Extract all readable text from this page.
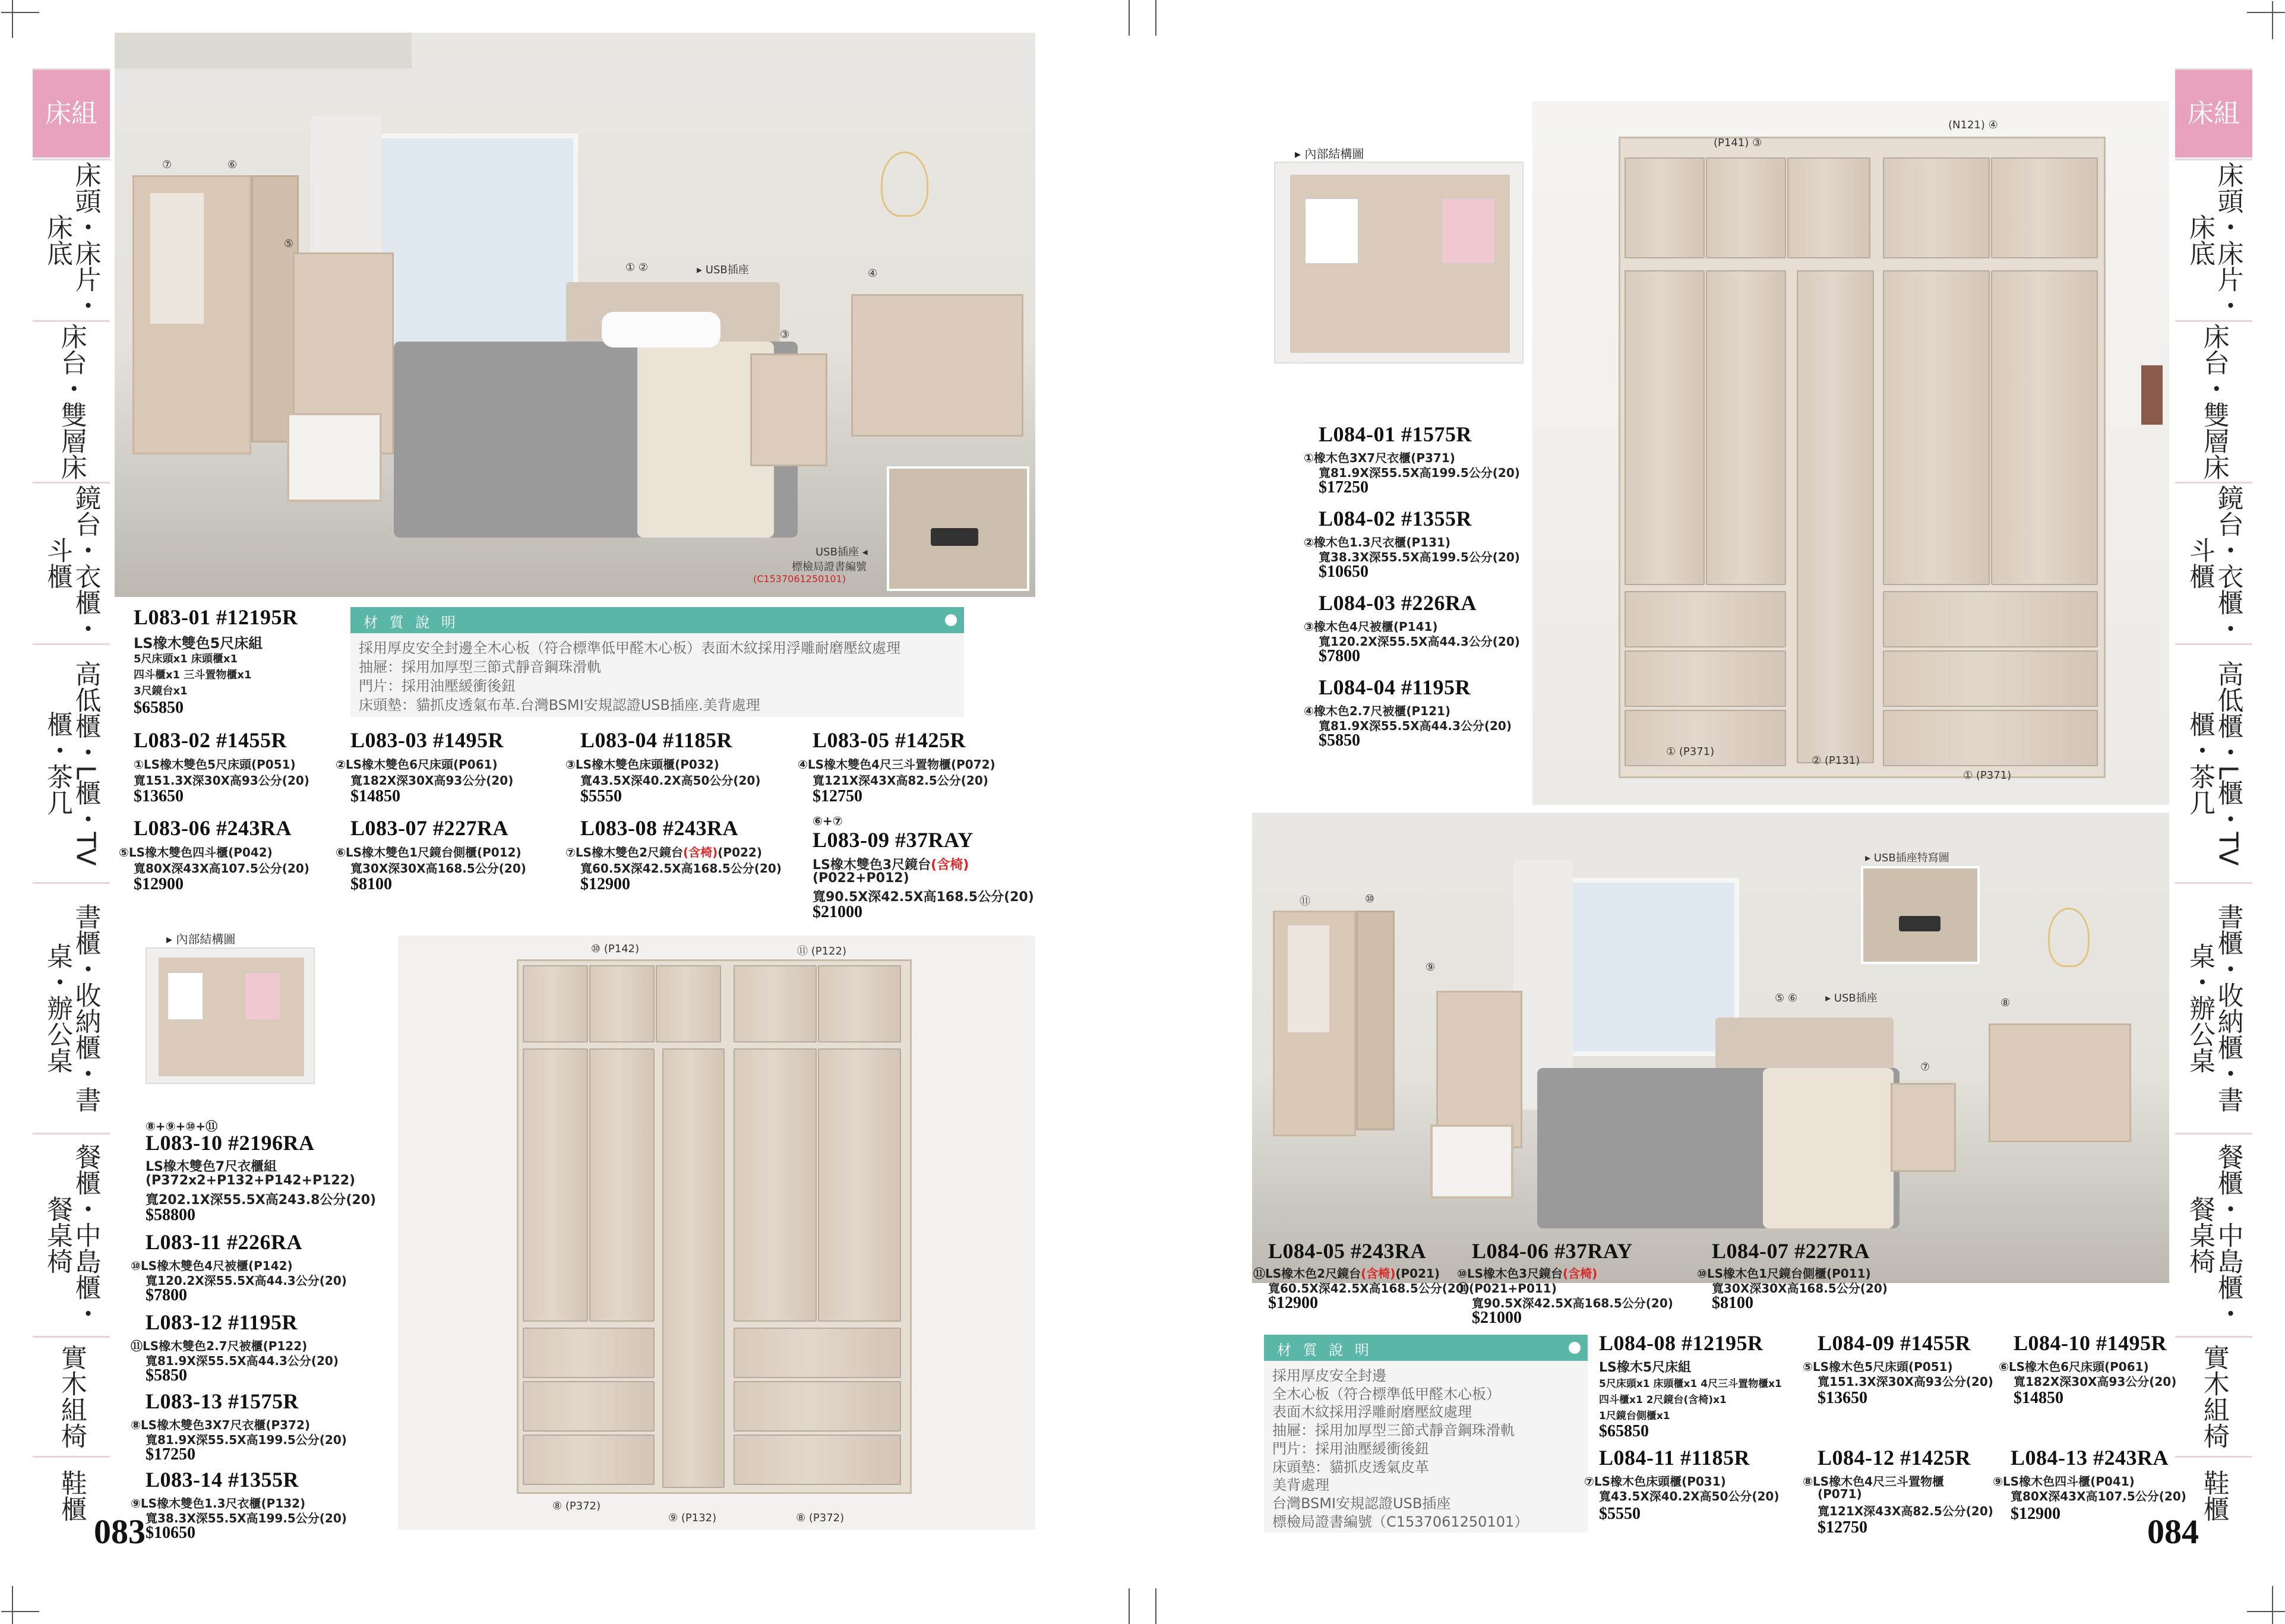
床組
床頭・床片・床底
床台・雙層床
鏡台・衣櫃・斗櫃
高低櫃・L櫃・TV櫃・茶几
書櫃・收納櫃・書桌・辦公桌
餐櫃・中島櫃・餐桌椅
實木組椅
鞋櫃
床組
床頭・床片・床底
床台・雙層床
鏡台・衣櫃・斗櫃
高低櫃・L櫃・TV櫃・茶几
書櫃・收納櫃・書桌・辦公桌
餐櫃・中島櫃・餐桌椅
實木組椅
鞋櫃
⑦	⑥
⑤
① ②	▸ USB插座
③
④
USB插座 ◂
標檢局證書編號
(C1537061250101)
L083-01 #12195R
LS橡木雙色5尺床組
5尺床頭x1 床頭櫃x1
四斗櫃x1 三斗置物櫃x1
3尺鏡台x1
$65850
材 質 說 明
採用厚皮安全封邊全木心板（符合標準低甲醛木心板）表面木紋採用浮雕耐磨壓紋處理
抽屜：採用加厚型三節式靜音鋼珠滑軌
門片：採用油壓緩衝後鈕
床頭墊：貓抓皮透氣布革.台灣BSMI安規認證USB插座.美背處理
L083-02 #1455R
①LS橡木雙色5尺床頭(P051)
寬151.3X深30X高93公分(20)
$13650
L083-03 #1495R
②LS橡木雙色6尺床頭(P061)
寬182X深30X高93公分(20)
$14850
L083-04 #1185R
③LS橡木雙色床頭櫃(P032)
寬43.5X深40.2X高50公分(20)
$5550
L083-05 #1425R
④LS橡木雙色4尺三斗置物櫃(P072)
寬121X深43X高82.5公分(20)
$12750
L083-06 #243RA
⑤LS橡木雙色四斗櫃(P042)
寬80X深43X高107.5公分(20)
$12900
L083-07 #227RA
⑥LS橡木雙色1尺鏡台側櫃(P012)
寬30X深30X高168.5公分(20)
$8100
L083-08 #243RA
⑦LS橡木雙色2尺鏡台(含椅)(P022)
寬60.5X深42.5X高168.5公分(20)
$12900
⑥+⑦
L083-09 #37RAY
LS橡木雙色3尺鏡台(含椅)
(P022+P012)
寬90.5X深42.5X高168.5公分(20)
$21000
▸ 內部結構圖
⑧+⑨+⑩+⑪
L083-10 #2196RA
LS橡木雙色7尺衣櫃組
(P372x2+P132+P142+P122)
寬202.1X深55.5X高243.8公分(20)
$58800
L083-11 #226RA
⑩LS橡木雙色4尺被櫃(P142)
寬120.2X深55.5X高44.3公分(20)
$7800
L083-12 #1195R
⑪LS橡木雙色2.7尺被櫃(P122)
寬81.9X深55.5X高44.3公分(20)
$5850
L083-13 #1575R
⑧LS橡木雙色3X7尺衣櫃(P372)
寬81.9X深55.5X高199.5公分(20)
$17250
L083-14 #1355R
⑨LS橡木雙色1.3尺衣櫃(P132)
寬38.3X深55.5X高199.5公分(20)
$10650
083
⑩ (P142)	⑪ (P122)
⑧ (P372)
⑨ (P132)	⑧ (P372)
▸ 內部結構圖
L084-01 #1575R
①橡木色3X7尺衣櫃(P371)
寬81.9X深55.5X高199.5公分(20)
$17250
L084-02 #1355R
②橡木色1.3尺衣櫃(P131)
寬38.3X深55.5X高199.5公分(20)
$10650
L084-03 #226RA
③橡木色4尺被櫃(P141)
寬120.2X深55.5X高44.3公分(20)
$7800
L084-04 #1195R
④橡木色2.7尺被櫃(P121)
寬81.9X深55.5X高44.3公分(20)
$5850
(P141) ③
(N121) ④
① (P371)
② (P131)
① (P371)
▸ USB插座特寫圖
⑪	⑩
⑨
⑤ ⑥	▸ USB插座	⑧
⑦
L084-05 #243RA
⑪LS橡木色2尺鏡台(含椅)(P021)
寬60.5X深42.5X高168.5公分(20)
$12900
L084-06 #37RAY
⑩LS橡木色3尺鏡台(含椅)
⑪(P021+P011)
寬90.5X深42.5X高168.5公分(20)
$21000
L084-07 #227RA
⑩LS橡木色1尺鏡台側櫃(P011)
寬30X深30X高168.5公分(20)
$8100
材 質 說 明
採用厚皮安全封邊
全木心板（符合標準低甲醛木心板）
表面木紋採用浮雕耐磨壓紋處理
抽屜：採用加厚型三節式靜音鋼珠滑軌
門片：採用油壓緩衝後鈕
床頭墊：貓抓皮透氣皮革
美背處理
台灣BSMI安規認證USB插座
標檢局證書編號（C1537061250101）
L084-08 #12195R
LS橡木5尺床組
5尺床頭x1 床頭櫃x1 4尺三斗置物櫃x1
四斗櫃x1 2尺鏡台(含椅)x1
1尺鏡台側櫃x1
$65850
L084-09 #1455R
⑤LS橡木色5尺床頭(P051)
寬151.3X深30X高93公分(20)
$13650
L084-10 #1495R
⑥LS橡木色6尺床頭(P061)
寬182X深30X高93公分(20)
$14850
L084-11 #1185R
⑦LS橡木色床頭櫃(P031)
寬43.5X深40.2X高50公分(20)
$5550
L084-12 #1425R
⑧LS橡木色4尺三斗置物櫃
(P071)
寬121X深43X高82.5公分(20)
$12750
L084-13 #243RA
⑨LS橡木色四斗櫃(P041)
寬80X深43X高107.5公分(20)
$12900	084
